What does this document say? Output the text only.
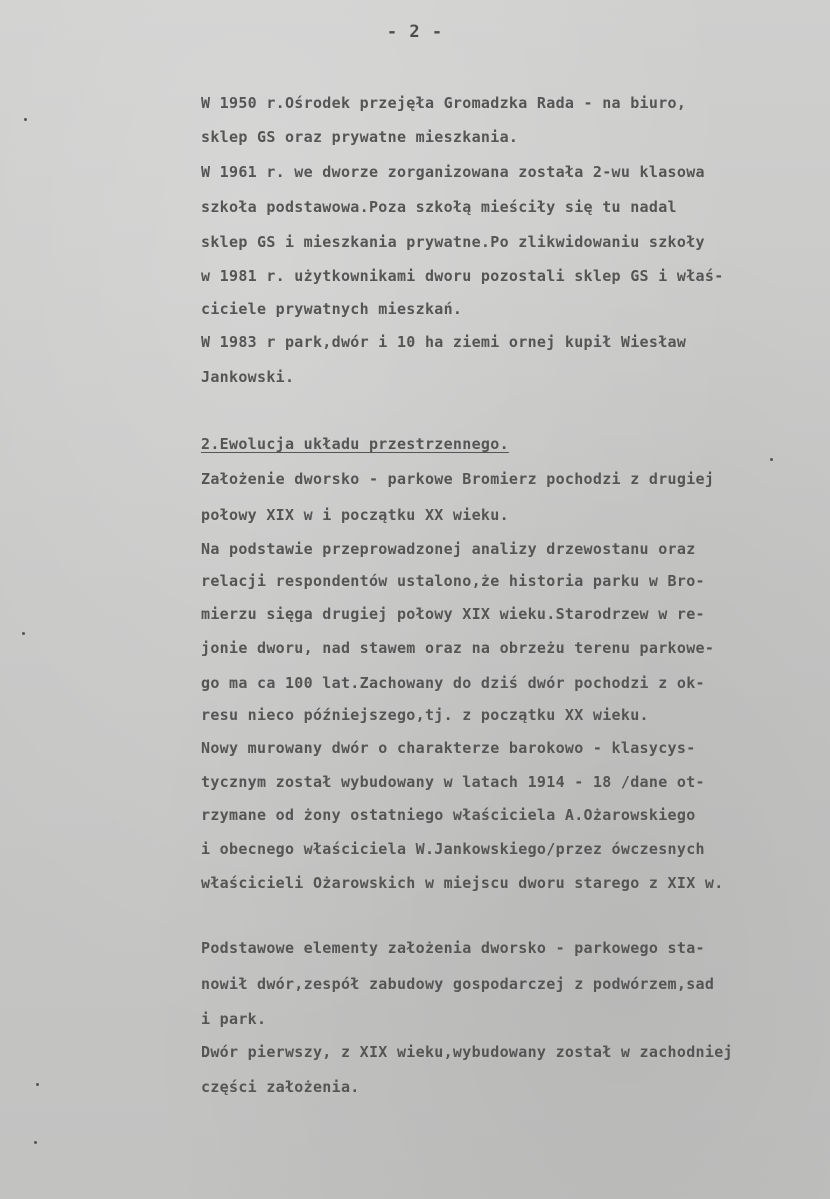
- 2 -
W 1950 r.Ośrodek przejęła Gromadzka Rada - na biuro,
sklep GS oraz prywatne mieszkania.
W 1961 r. we dworze zorganizowana została 2-wu klasowa
szkoła podstawowa.Poza szkołą mieściły się tu nadal
sklep GS i mieszkania prywatne.Po zlikwidowaniu szkoły
w 1981 r. użytkownikami dworu pozostali sklep GS i właś-
ciciele prywatnych mieszkań.
W 1983 r park,dwór i 10 ha ziemi ornej kupił Wiesław
Jankowski.
2.Ewolucja układu przestrzennego.
Założenie dworsko - parkowe Bromierz pochodzi z drugiej
połowy XIX w i początku XX wieku.
Na podstawie przeprowadzonej analizy drzewostanu oraz
relacji respondentów ustalono,że historia parku w Bro-
mierzu sięga drugiej połowy XIX wieku.Starodrzew w re-
jonie dworu, nad stawem oraz na obrzeżu terenu parkowe-
go ma ca 100 lat.Zachowany do dziś dwór pochodzi z ok-
resu nieco późniejszego,tj. z początku XX wieku.
Nowy murowany dwór o charakterze barokowo - klasycys-
tycznym został wybudowany w latach 1914 - 18 /dane ot-
rzymane od żony ostatniego właściciela A.Ożarowskiego
i obecnego właściciela W.Jankowskiego/przez ówczesnych
właścicieli Ożarowskich w miejscu dworu starego z XIX w.
Podstawowe elementy założenia dworsko - parkowego sta-
nowił dwór,zespół zabudowy gospodarczej z podwórzem,sad
i park.
Dwór pierwszy, z XIX wieku,wybudowany został w zachodniej
części założenia.
